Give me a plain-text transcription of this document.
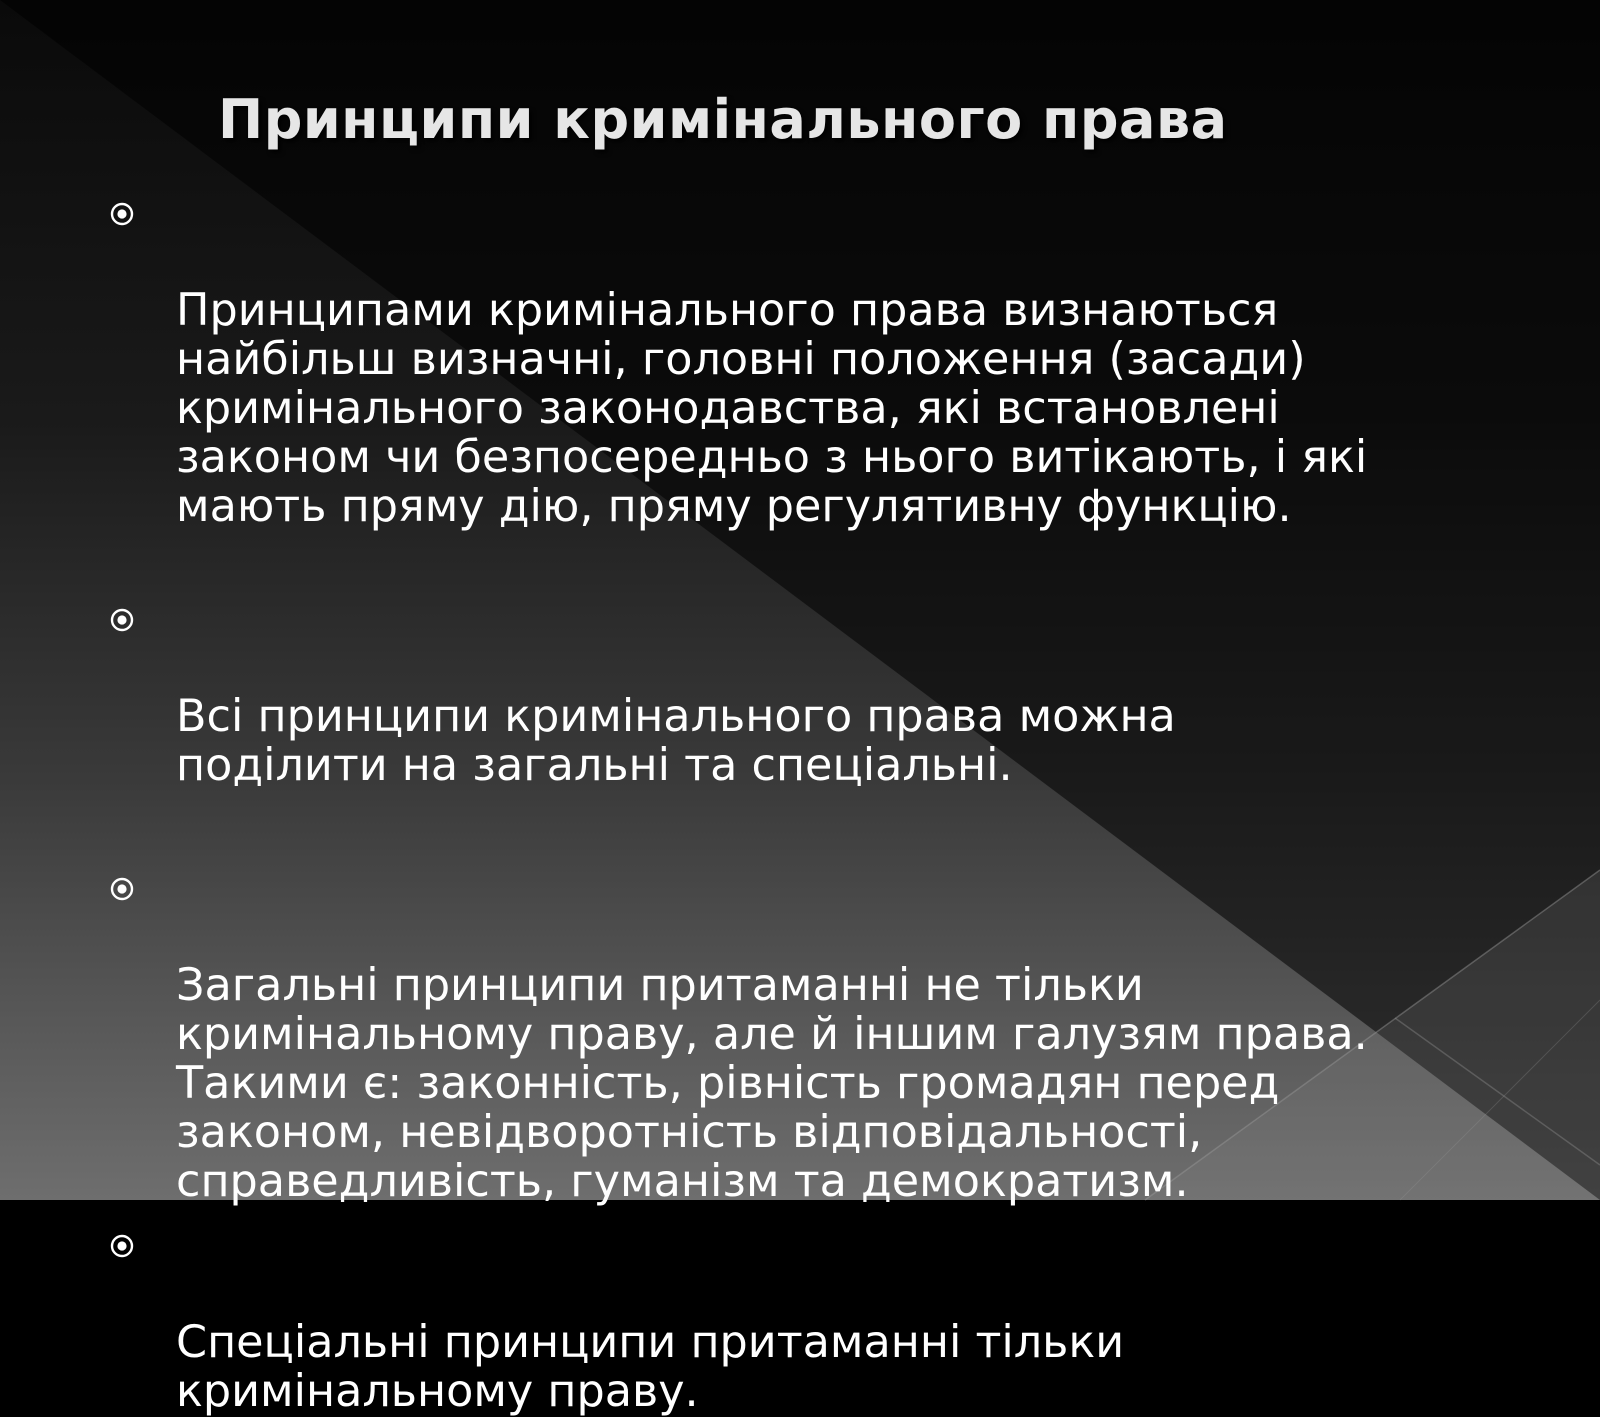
Принципи кримінального права

Принципами кримінального права визнаються
найбільш визначні, головні положення (засади)
кримінального законодавства, які встановлені
законом чи безпосередньо з нього витікають, і які
мають пряму дію, пряму регулятивну функцію.

Всі принципи кримінального права можна
поділити на загальні та спеціальні.

Загальні принципи притаманні не тільки
кримінальному праву, але й іншим галузям права.
Такими є: законність, рівність громадян перед
законом, невідворотність відповідальності,
справедливість, гуманізм та демократизм.

Спеціальні принципи притаманні тільки
кримінальному праву.
